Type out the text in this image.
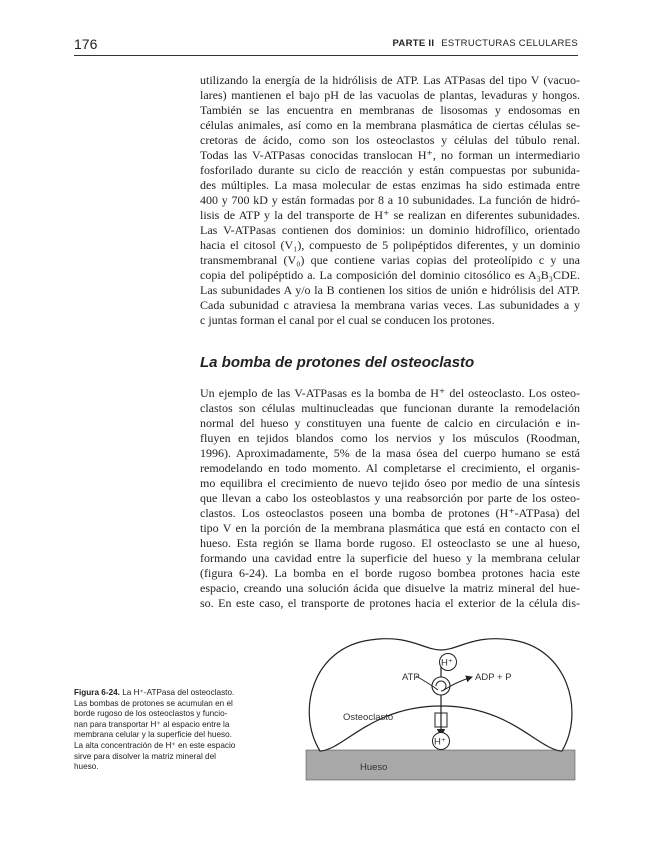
176	PARTE II ESTRUCTURAS CELULARES
utilizando la energía de la hidrólisis de ATP. Las ATPasas del tipo V (vacuo-
lares) mantienen el bajo pH de las vacuolas de plantas, levaduras y hongos.
También se las encuentra en membranas de lisosomas y endosomas en
células animales, así como en la membrana plasmática de ciertas células se-
cretoras de ácido, como son los osteoclastos y células del túbulo renal.
Todas las V-ATPasas conocidas translocan H⁺, no forman un intermediario
fosforilado durante su ciclo de reacción y están compuestas por subunida-
des múltiples. La masa molecular de estas enzimas ha sido estimada entre
400 y 700 kD y están formadas por 8 a 10 subunidades. La función de hidró-
lisis de ATP y la del transporte de H⁺ se realizan en diferentes subunidades.
Las V-ATPasas contienen dos dominios: un dominio hidrofílico, orientado
hacia el citosol (V₁), compuesto de 5 polipéptidos diferentes, y un dominio
transmembranal (V₀) que contiene varias copias del proteolípido c y una
copia del polipéptido a. La composición del dominio citosólico es A₃B₃CDE.
Las subunidades A y/o la B contienen los sitios de unión e hidrólisis del ATP.
Cada subunidad c atraviesa la membrana varias veces. Las subunidades a y
c juntas forman el canal por el cual se conducen los protones.
La bomba de protones del osteoclasto
Un ejemplo de las V-ATPasas es la bomba de H⁺ del osteoclasto. Los osteo-
clastos son células multinucleadas que funcionan durante la remodelación
normal del hueso y constituyen una fuente de calcio en circulación e in-
fluyen en tejidos blandos como los nervios y los músculos (Roodman,
1996). Aproximadamente, 5% de la masa ósea del cuerpo humano se está
remodelando en todo momento. Al completarse el crecimiento, el organis-
mo equilibra el crecimiento de nuevo tejido óseo por medio de una síntesis
que llevan a cabo los osteoblastos y una reabsorción por parte de los osteo-
clastos. Los osteoclastos poseen una bomba de protones (H⁺-ATPasa) del
tipo V en la porción de la membrana plasmática que está en contacto con el
hueso. Esta región se llama borde rugoso. El osteoclasto se une al hueso,
formando una cavidad entre la superficie del hueso y la membrana celular
(figura 6-24). La bomba en el borde rugoso bombea protones hacia este
espacio, creando una solución ácida que disuelve la matriz mineral del hue-
so. En este caso, el transporte de protones hacia el exterior de la célula dis-
Figura 6-24. La H⁺-ATPasa del osteoclasto.
Las bombas de protones se acumulan en el
borde rugoso de los osteoclastos y funcio-
nan para transportar H⁺ al espacio entre la
membrana celular y la superficie del hueso.
La alta concentración de H⁺ en este espacio
sirve para disolver la matriz mineral del
hueso.
H⁺
H⁺
ATP	ADP + P
Osteoclasto
Hueso
